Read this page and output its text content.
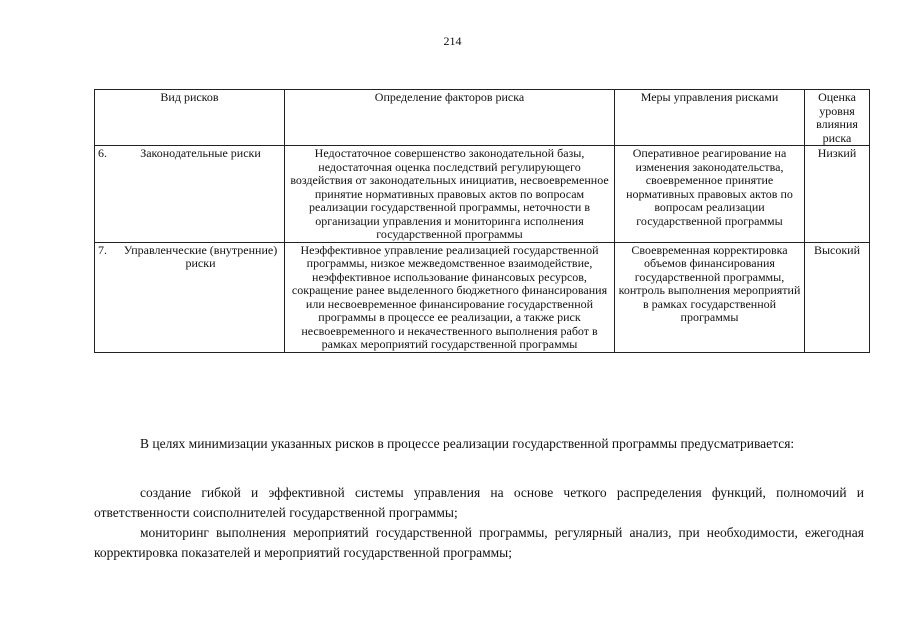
214
Вид рисков	Определение факторов риска	Меры управления рисками	Оценка уровня влияния риска

6. Законодательные риски	Недостаточное совершенство законодательной базы, недостаточная оценка последствий регулирующего воздействия от законодательных инициатив, несвоевременное принятие нормативных правовых актов по вопросам реализации государственной программы, неточности в организации управления и мониторинга исполнения государственной программы	Оперативное реагирование на изменения законодательства, своевременное принятие нормативных правовых актов по вопросам реализации государственной программы	Низкий

7. Управленческие (внутренние) риски	Неэффективное управление реализацией государственной программы, низкое межведомственное взаимодействие, неэффективное использование финансовых ресурсов, сокращение ранее выделенного бюджетного финансирования или несвоевременное финансирование государственной программы в процессе ее реализации, а также риск несвоевременного и некачественного выполнения работ в рамках мероприятий государственной программы	Своевременная корректировка объемов финансирования государственной программы, контроль выполнения мероприятий в рамках государственной программы	Высокий

В целях минимизации указанных рисков в процессе реализации государственной программы предусматривается:

создание гибкой и эффективной системы управления на основе четкого распределения функций, полномочий и ответственности соисполнителей государственной программы;

мониторинг выполнения мероприятий государственной программы, регулярный анализ, при необходимости, ежегодная корректировка показателей и мероприятий государственной программы;
